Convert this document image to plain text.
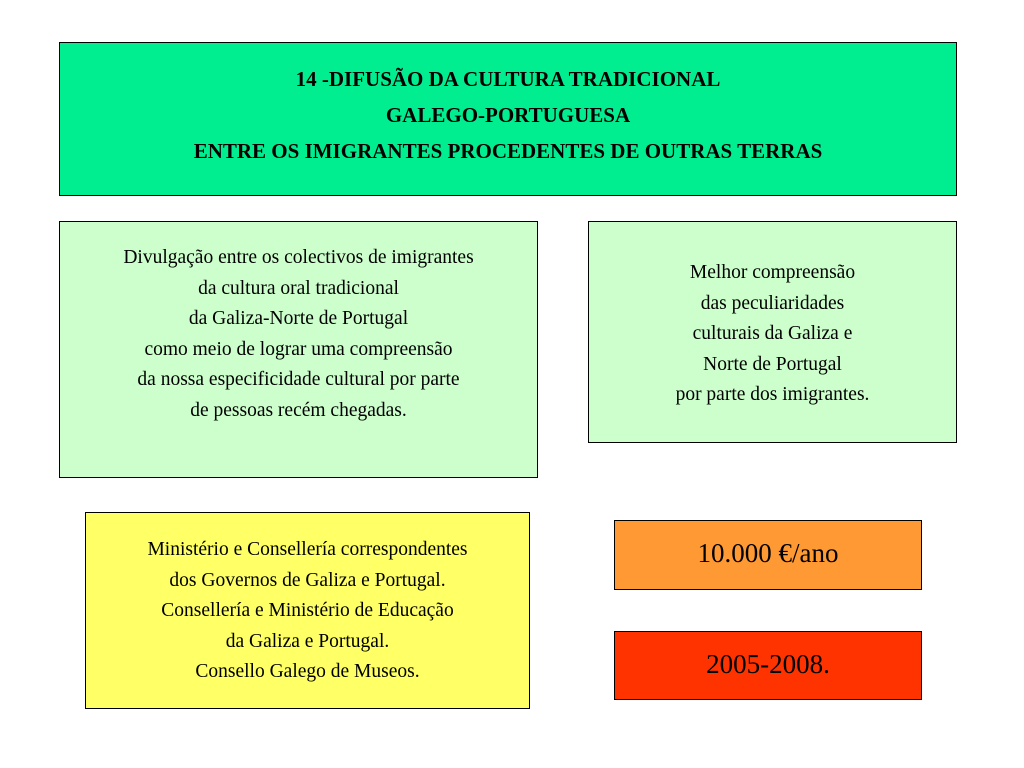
14 -DIFUSÃO DA CULTURA TRADICIONAL
GALEGO-PORTUGUESA
ENTRE OS IMIGRANTES PROCEDENTES DE OUTRAS TERRAS
Divulgação entre os colectivos de imigrantes
da cultura oral tradicional
da Galiza-Norte de Portugal
como meio de lograr uma compreensão
da nossa especificidade cultural por parte
de pessoas recém chegadas.
Melhor compreensão
das peculiaridades
culturais da Galiza e
Norte de Portugal
por parte dos imigrantes.
Ministério e Consellería correspondentes
dos Governos de Galiza e Portugal.
Consellería e Ministério de Educação
da Galiza e Portugal.
Consello Galego de Museos.
10.000 €/ano
2005-2008.
